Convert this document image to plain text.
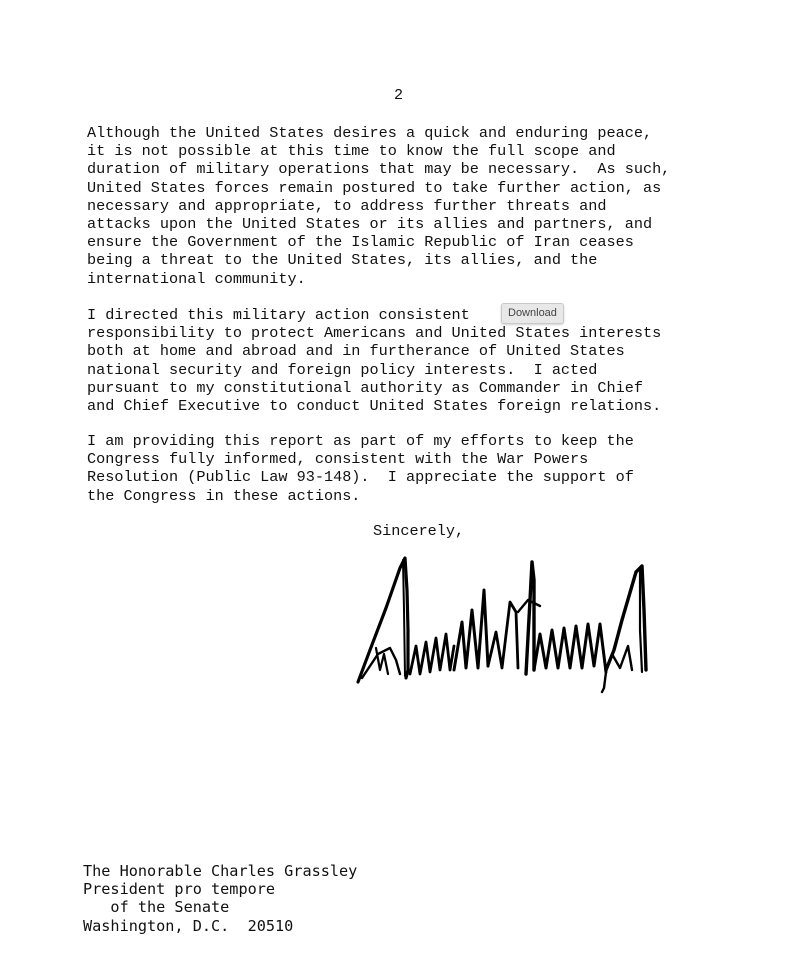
2

Although the United States desires a quick and enduring peace,
it is not possible at this time to know the full scope and
duration of military operations that may be necessary.  As such,
United States forces remain postured to take further action, as
necessary and appropriate, to address further threats and
attacks upon the United States or its allies and partners, and
ensure the Government of the Islamic Republic of Iran ceases
being a threat to the United States, its allies, and the
international community.

I directed this military action consistent
responsibility to protect Americans and United States interests
both at home and abroad and in furtherance of United States
national security and foreign policy interests.  I acted
pursuant to my constitutional authority as Commander in Chief
and Chief Executive to conduct United States foreign relations.

I am providing this report as part of my efforts to keep the
Congress fully informed, consistent with the War Powers
Resolution (Public Law 93-148).  I appreciate the support of
the Congress in these actions.

Sincerely,
The Honorable Charles Grassley
President pro tempore
of the Senate
Washington, D.C.  20510
Download
